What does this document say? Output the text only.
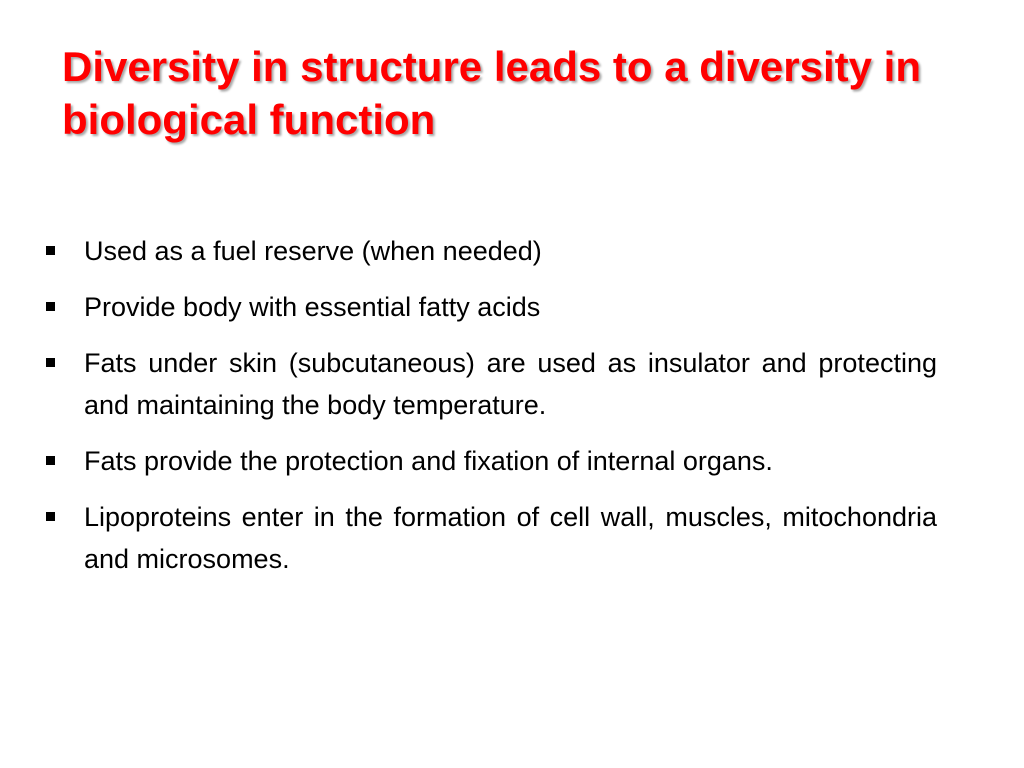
Diversity in structure leads to a diversity in biological function
Used as a fuel reserve (when needed)
Provide body with essential fatty acids
Fats under skin (subcutaneous) are used as insulator and protecting and maintaining the body temperature.
Fats provide the protection and fixation of internal organs.
Lipoproteins enter in the formation of cell wall, muscles, mitochondria and microsomes.
